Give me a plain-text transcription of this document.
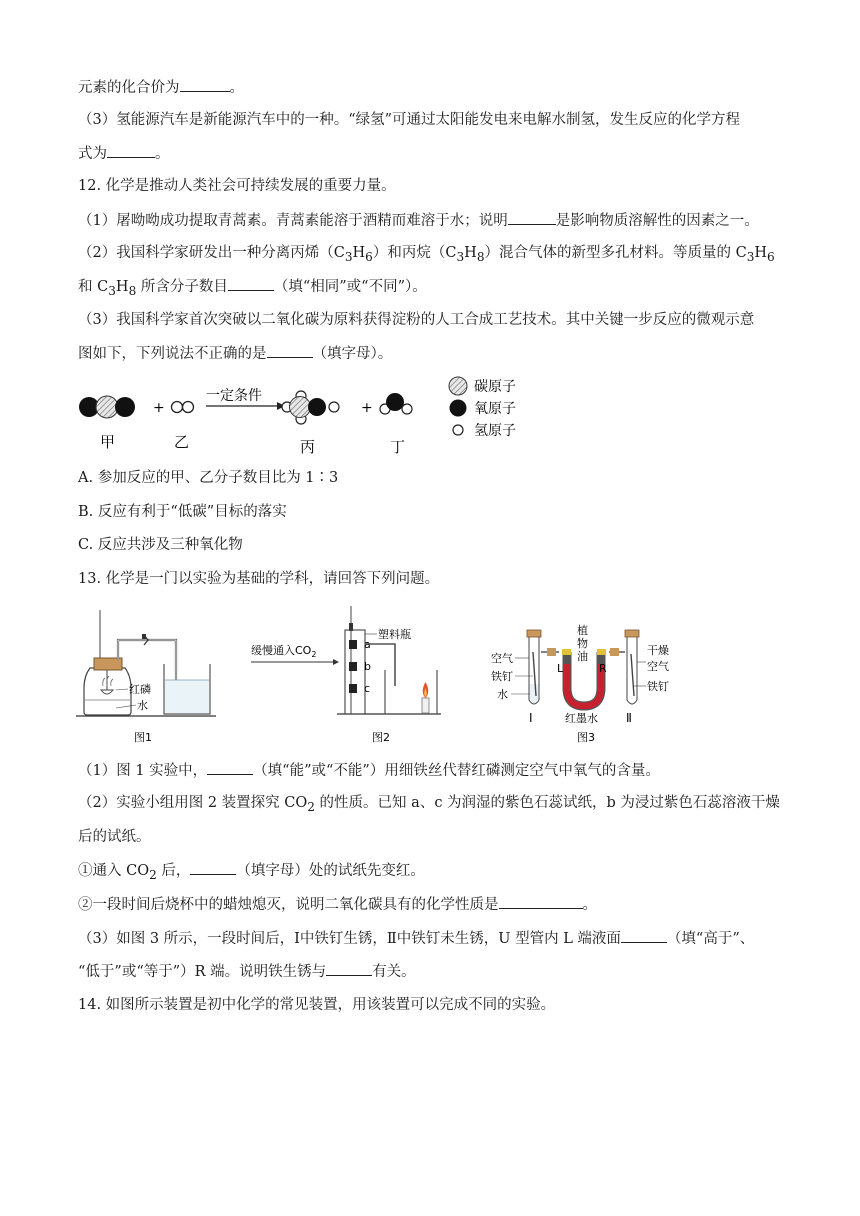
元素的化合价为	。
（3）氢能源汽车是新能源汽车中的一种。“绿氢”可通过太阳能发电来电解水制氢，发生反应的化学方程
式为	。
12. 化学是推动人类社会可持续发展的重要力量。
（1）屠呦呦成功提取青蒿素。青蒿素能溶于酒精而难溶于水；说明	是影响物质溶解性的因素之一。
（2）我国科学家研发出一种分离丙烯$(C_3H_6)$和丙烷$(C_3H_8)$混合气体的新型多孔材料。等质量的 $C_3H_6$
和 $C_3H_8$ 所含分子数目	（填“相同”或“不同”）。
（3）我国科学家首次突破以二氧化碳为原料获得淀粉的人工合成工艺技术。其中关键一步反应的微观示意
图如下，下列说法不正确的是	（填字母）。
+
一定条件
+
甲	乙	丙	丁
碳原子
氧原子
氢原子
A. 参加反应的甲、乙分子数目比为 1∶3
B. 反应有利于“低碳”目标的落实
C. 反应共涉及三种氧化物
13. 化学是一门以实验为基础的学科，请回答下列问题。
红磷
水
图1
缓慢通入$CO_2$
a
b
c
塑料瓶
图2
植
物
油
L	R
空气
铁钉
水
干燥
空气
铁钉
Ⅰ	Ⅱ
红墨水
图3
（1）图 1 实验中，	（填“能”或“不能”）用细铁丝代替红磷测定空气中氧气的含量。
（2）实验小组用图 2 装置探究 $CO_2$ 的性质。已知 a、c 为润湿的紫色石蕊试纸，b 为浸过紫色石蕊溶液干燥
后的试纸。
①通入 $CO_2$ 后，	（填字母）处的试纸先变红。
②一段时间后烧杯中的蜡烛熄灭，说明二氧化碳具有的化学性质是	。
（3）如图 3 所示，一段时间后，Ⅰ中铁钉生锈，Ⅱ中铁钉未生锈，U 型管内 L 端液面	（填“高于”、
“低于”或“等于”）R 端。说明铁生锈与	有关。
14. 如图所示装置是初中化学的常见装置，用该装置可以完成不同的实验。
